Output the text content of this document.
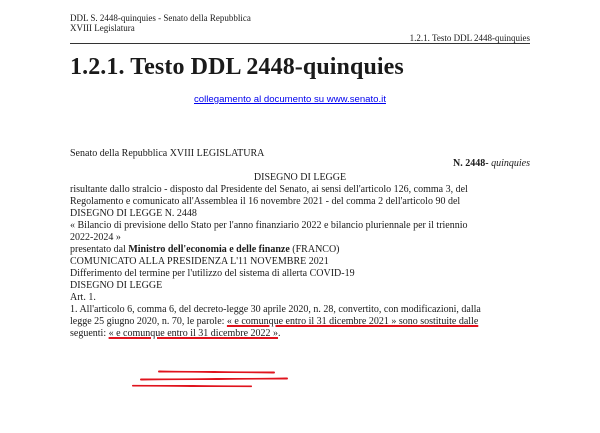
DDL S. 2448-quinquies - Senato della Repubblica
XVIII Legislatura
1.2.1. Testo DDL 2448-quinquies
1.2.1. Testo DDL 2448-quinquies
collegamento al documento su www.senato.it
Senato della Repubblica XVIII LEGISLATURA
N. 2448- quinquies
DISEGNO DI LEGGE

risultante dallo stralcio - disposto dal Presidente del Senato, ai sensi dell'articolo 126, comma 3, del

Regolamento e comunicato all'Assemblea il 16 novembre 2021 - del comma 2 dell'articolo 90 del

DISEGNO DI LEGGE N. 2448

« Bilancio di previsione dello Stato per l'anno finanziario 2022 e bilancio pluriennale per il triennio

2022-2024 »

presentato dal Ministro dell'economia e delle finanze (FRANCO)

COMUNICATO ALLA PRESIDENZA L'11 NOVEMBRE 2021

Differimento del termine per l'utilizzo del sistema di allerta COVID-19

DISEGNO DI LEGGE

Art. 1.

1. All'articolo 6, comma 6, del decreto-legge 30 aprile 2020, n. 28, convertito, con modificazioni, dalla

legge 25 giugno 2020, n. 70, le parole: « e comunque entro il 31 dicembre 2021 » sono sostituite dalle

seguenti: « e comunque entro il 31 dicembre 2022 ».
